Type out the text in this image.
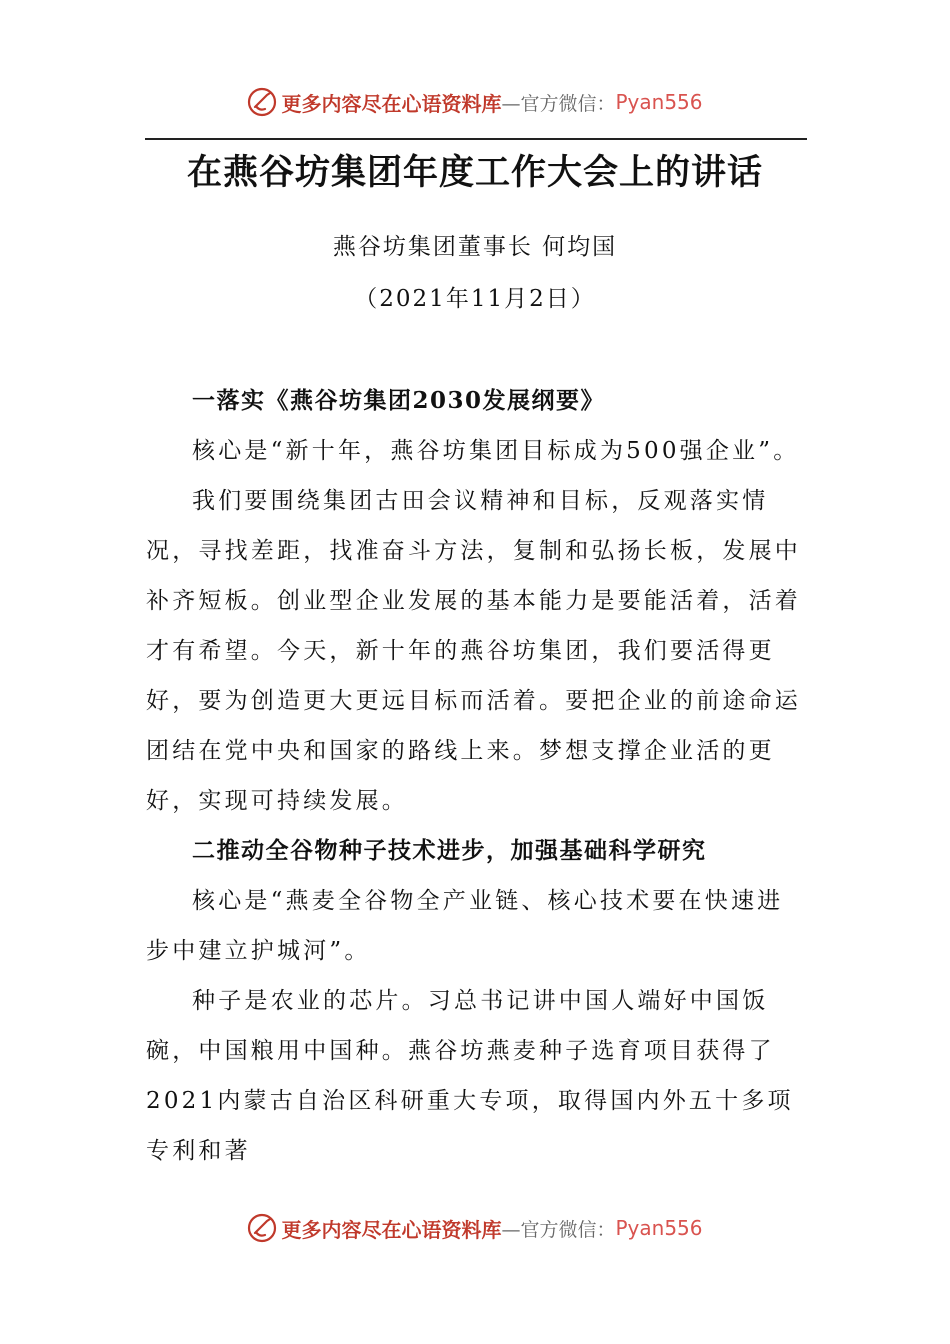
更多内容尽在心语资料库 —官方微信： Pyan556
在燕谷坊集团年度工作大会上的讲话
燕谷坊集团董事长 何均国
（2021年11月2日）
一落实《燕谷坊集团2030发展纲要》

核心是“新十年，燕谷坊集团目标成为500强企业”。

我们要围绕集团古田会议精神和目标，反观落实情况，寻找差距，找准奋斗方法，复制和弘扬长板，发展中补齐短板。创业型企业发展的基本能力是要能活着，活着才有希望。今天，新十年的燕谷坊集团，我们要活得更好，要为创造更大更远目标而活着。要把企业的前途命运团结在党中央和国家的路线上来。梦想支撑企业活的更好，实现可持续发展。

二推动全谷物种子技术进步，加强基础科学研究

核心是“燕麦全谷物全产业链、核心技术要在快速进步中建立护城河”。

种子是农业的芯片。习总书记讲中国人端好中国饭碗，中国粮用中国种。燕谷坊燕麦种子选育项目获得了2021内蒙古自治区科研重大专项，取得国内外五十多项专利和著

更多内容尽在心语资料库 —官方微信： Pyan556
